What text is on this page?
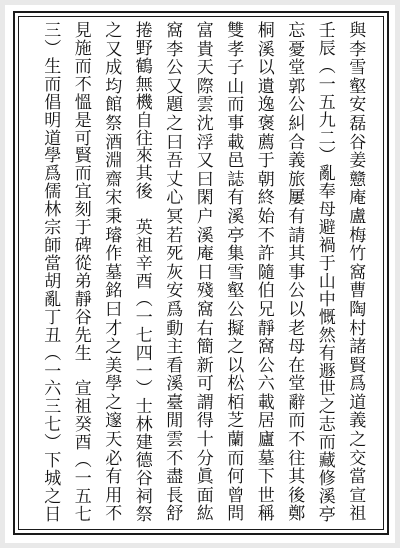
與
李
雪
壑
安
磊
谷
姜
戆
庵
盧
梅
竹
窩
曹
陶
村
諸
賢
爲
道
義
之
交
當
宣
祖
壬
辰
︵
一
五
九
二
︶
亂
奉
母
避
禍
于
山
中
慨
然
有
遯
世
之
志
而
藏
修
溪
亭
忘
憂
堂
郭
公
糾
合
義
旅
屢
有
請
其
事
公
以
老
母
在
堂
辭
而
不
往
其
後
鄭
桐
溪
以
遺
逸
褒
薦
于
朝
終
始
不
許
隨
伯
兄
靜
窩
公
六
載
居
廬
墓
下
世
稱
雙
孝
子
山
而
事
載
邑
誌
有
溪
亭
集
雪
壑
公
擬
之
以
松
栢
芝
蘭
而
何
曾
問
富
貴
天
際
雲
沈
浮
又
曰
閑
户
溪
庵
日
殘
窩
右
簡
新
可
謂
得
十
分
眞
面
紘
窩
李
公
又
題
之
曰
吾
丈
心
冥
若
死
灰
安
爲
動
主
看
溪
臺
閒
雲
不
盡
長
舒
捲
野
鶴
無
機
自
往
來
其
後

英
祖
辛
酉
︵
一
七
四
一
︶
士
林
建
德
谷
祠
祭
之
又
成
均
館
祭
酒
淵
齋
宋
秉
璿
作
墓
銘
曰
才
之
美
學
之
邃
天
必
有
用
不
見
施
而
不
慍
是
可
賢
而
宜
刻
于
碑
從
弟
靜
谷
先
生

宣
祖
癸
酉
︵
一
五
七
三
︶
生
而
倡
明
道
學
爲
儒
林
宗
師
當
胡
亂
丁
丑
︵
一
六
三
七
︶
下
城
之
日
